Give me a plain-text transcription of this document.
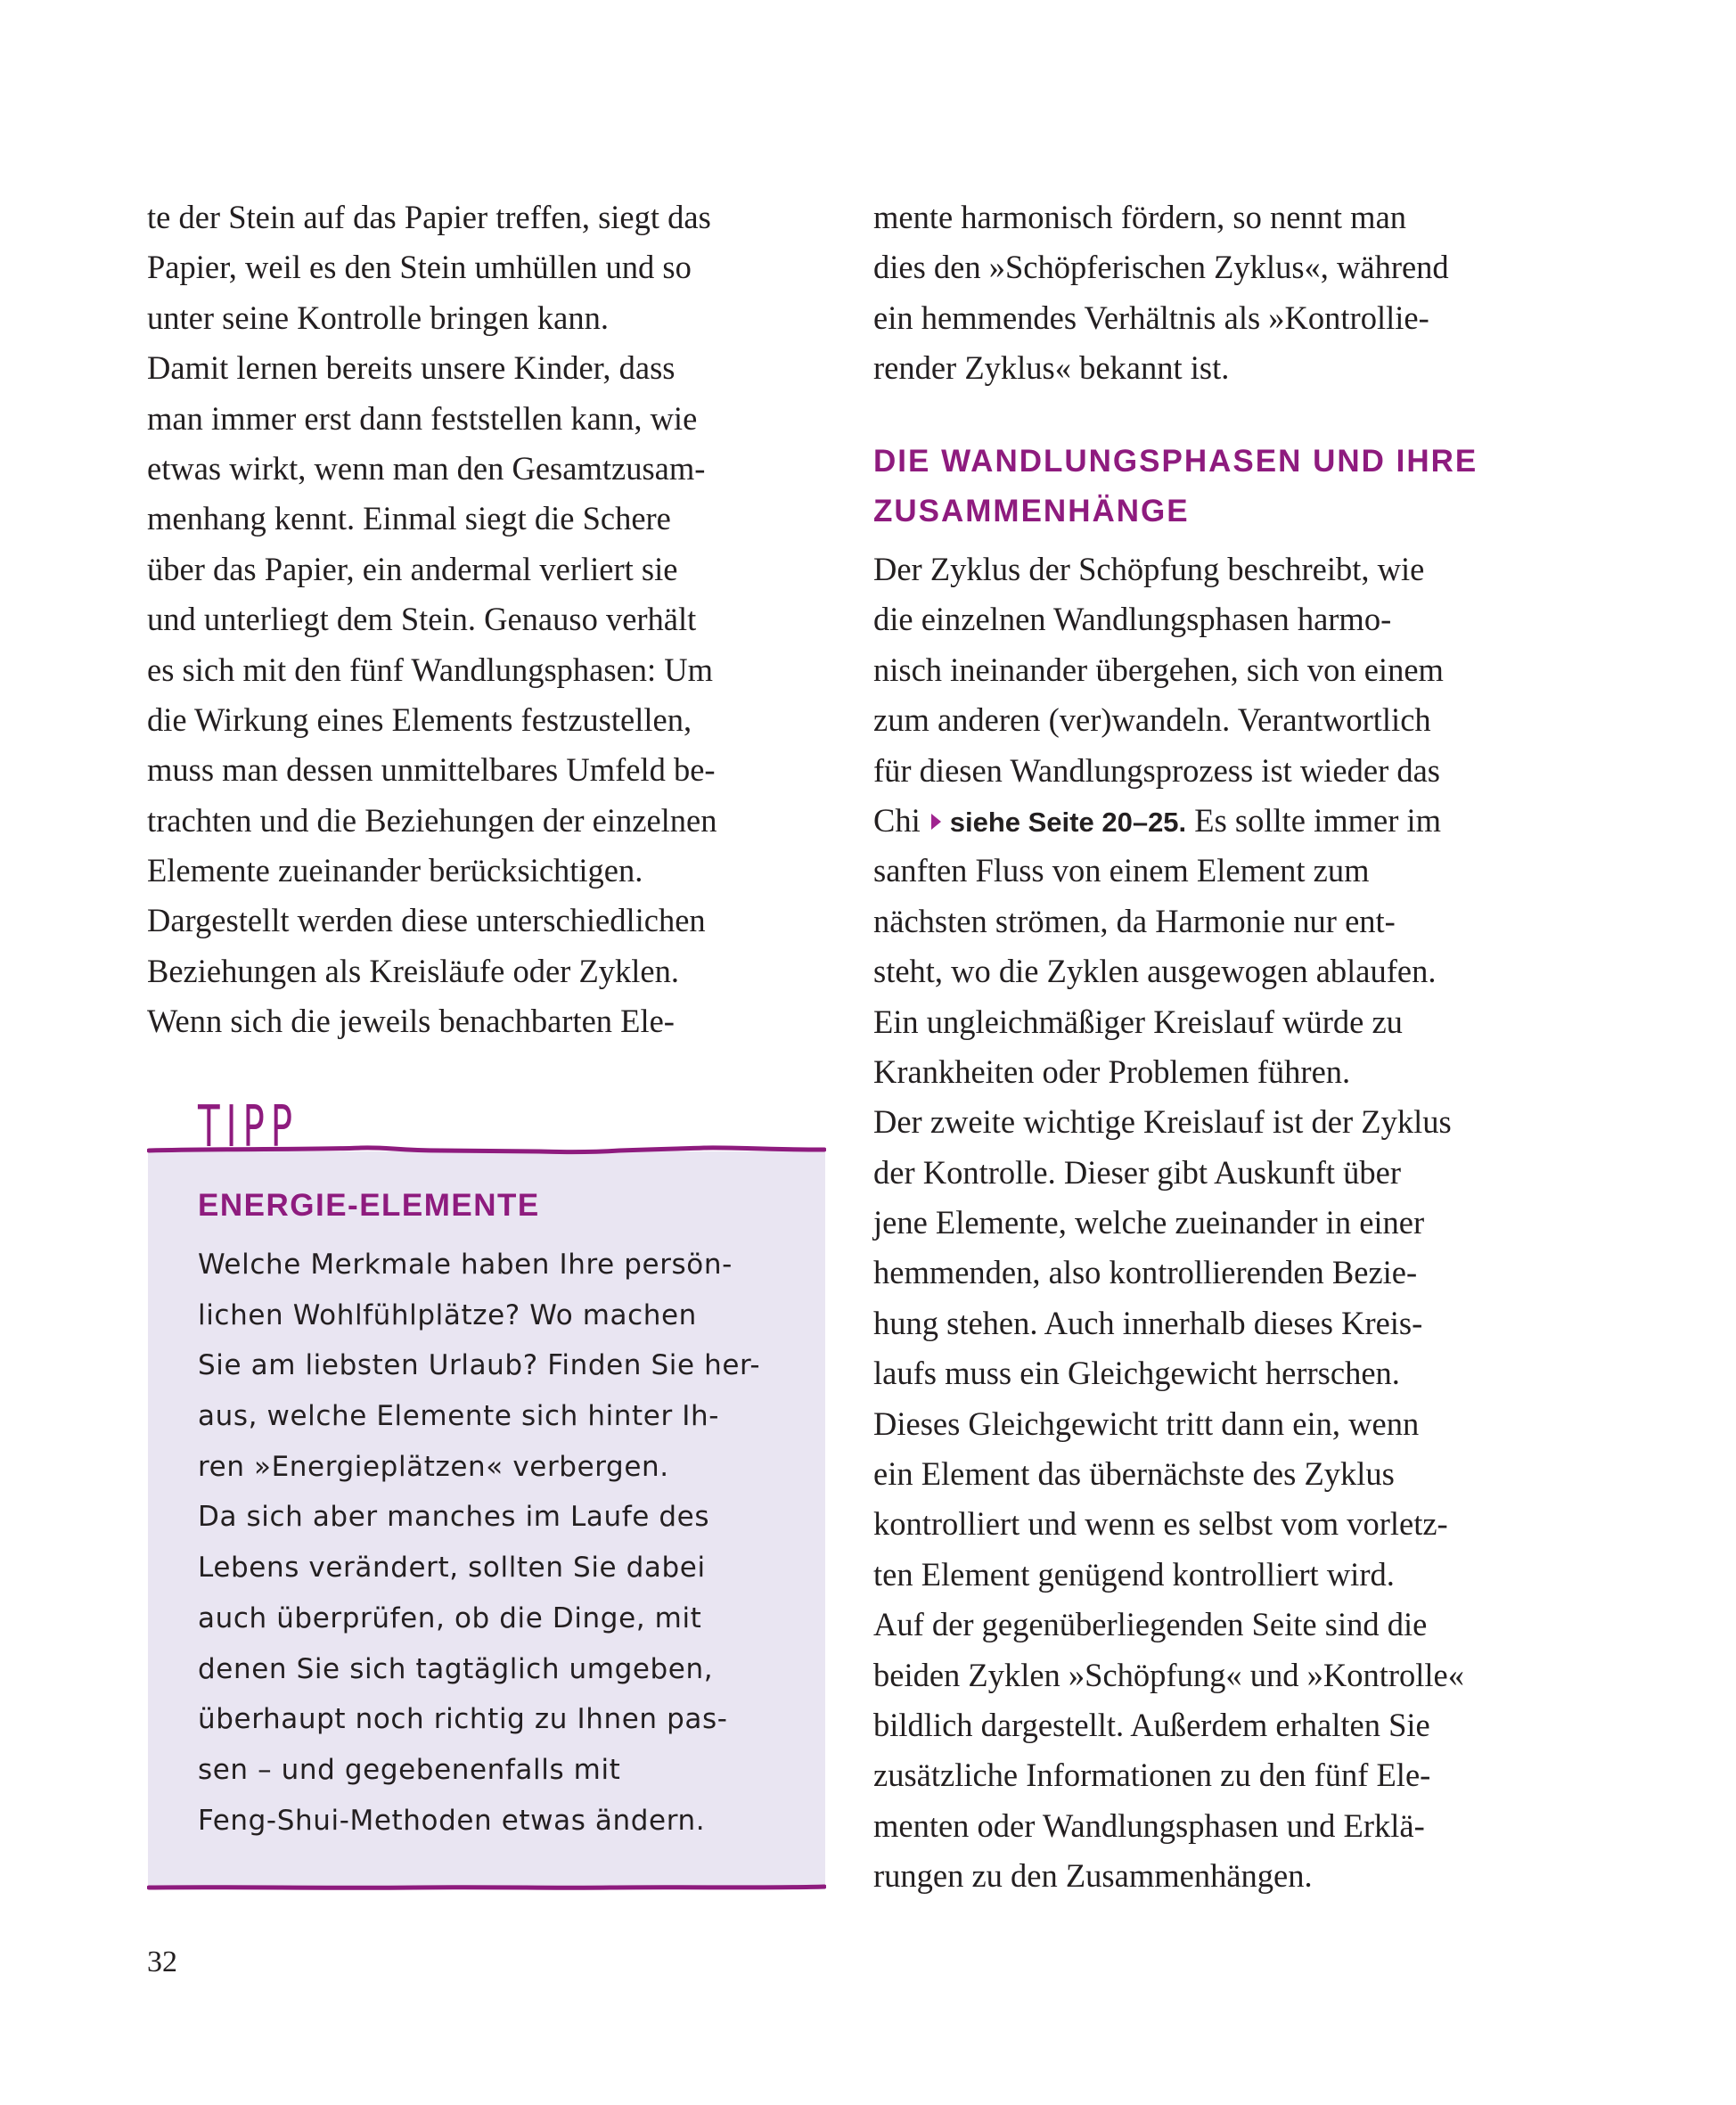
te der Stein auf das Papier treffen, siegt das
Papier, weil es den Stein umhüllen und so
unter seine Kontrolle bringen kann.
Damit lernen bereits unsere Kinder, dass
man immer erst dann feststellen kann, wie
etwas wirkt, wenn man den Gesamtzusam-
menhang kennt. Einmal siegt die Schere
über das Papier, ein andermal verliert sie
und unterliegt dem Stein. Genauso verhält
es sich mit den fünf Wandlungsphasen: Um
die Wirkung eines Elements festzustellen,
muss man dessen unmittelbares Umfeld be-
trachten und die Beziehungen der einzelnen
Elemente zueinander berücksichtigen.
Dargestellt werden diese unterschiedlichen
Beziehungen als Kreisläufe oder Zyklen.
Wenn sich die jeweils benachbarten Ele-
TIPP
ENERGIE-ELEMENTE
Welche Merkmale haben Ihre persön-
lichen Wohlfühlplätze? Wo machen
Sie am liebsten Urlaub? Finden Sie her-
aus, welche Elemente sich hinter Ih-
ren »Energieplätzen« verbergen.
Da sich aber manches im Laufe des
Lebens verändert, sollten Sie dabei
auch überprüfen, ob die Dinge, mit
denen Sie sich tagtäglich umgeben,
überhaupt noch richtig zu Ihnen pas-
sen – und gegebenenfalls mit
Feng-Shui-Methoden etwas ändern.
mente harmonisch fördern, so nennt man
dies den »Schöpferischen Zyklus«, während
ein hemmendes Verhältnis als »Kontrollie-
render Zyklus« bekannt ist.
DIE WANDLUNGSPHASEN UND IHRE
ZUSAMMENHÄNGE
Der Zyklus der Schöpfung beschreibt, wie
die einzelnen Wandlungsphasen harmo-
nisch ineinander übergehen, sich von einem
zum anderen (ver)wandeln. Verantwortlich
für diesen Wandlungsprozess ist wieder das
Chi siehe Seite 20–25. Es sollte immer im
sanften Fluss von einem Element zum
nächsten strömen, da Harmonie nur ent-
steht, wo die Zyklen ausgewogen ablaufen.
Ein ungleichmäßiger Kreislauf würde zu
Krankheiten oder Problemen führen.
Der zweite wichtige Kreislauf ist der Zyklus
der Kontrolle. Dieser gibt Auskunft über
jene Elemente, welche zueinander in einer
hemmenden, also kontrollierenden Bezie-
hung stehen. Auch innerhalb dieses Kreis-
laufs muss ein Gleichgewicht herrschen.
Dieses Gleichgewicht tritt dann ein, wenn
ein Element das übernächste des Zyklus
kontrolliert und wenn es selbst vom vorletz-
ten Element genügend kontrolliert wird.
Auf der gegenüberliegenden Seite sind die
beiden Zyklen »Schöpfung« und »Kontrolle«
bildlich dargestellt. Außerdem erhalten Sie
zusätzliche Informationen zu den fünf Ele-
menten oder Wandlungsphasen und Erklä-
rungen zu den Zusammenhängen.
32
